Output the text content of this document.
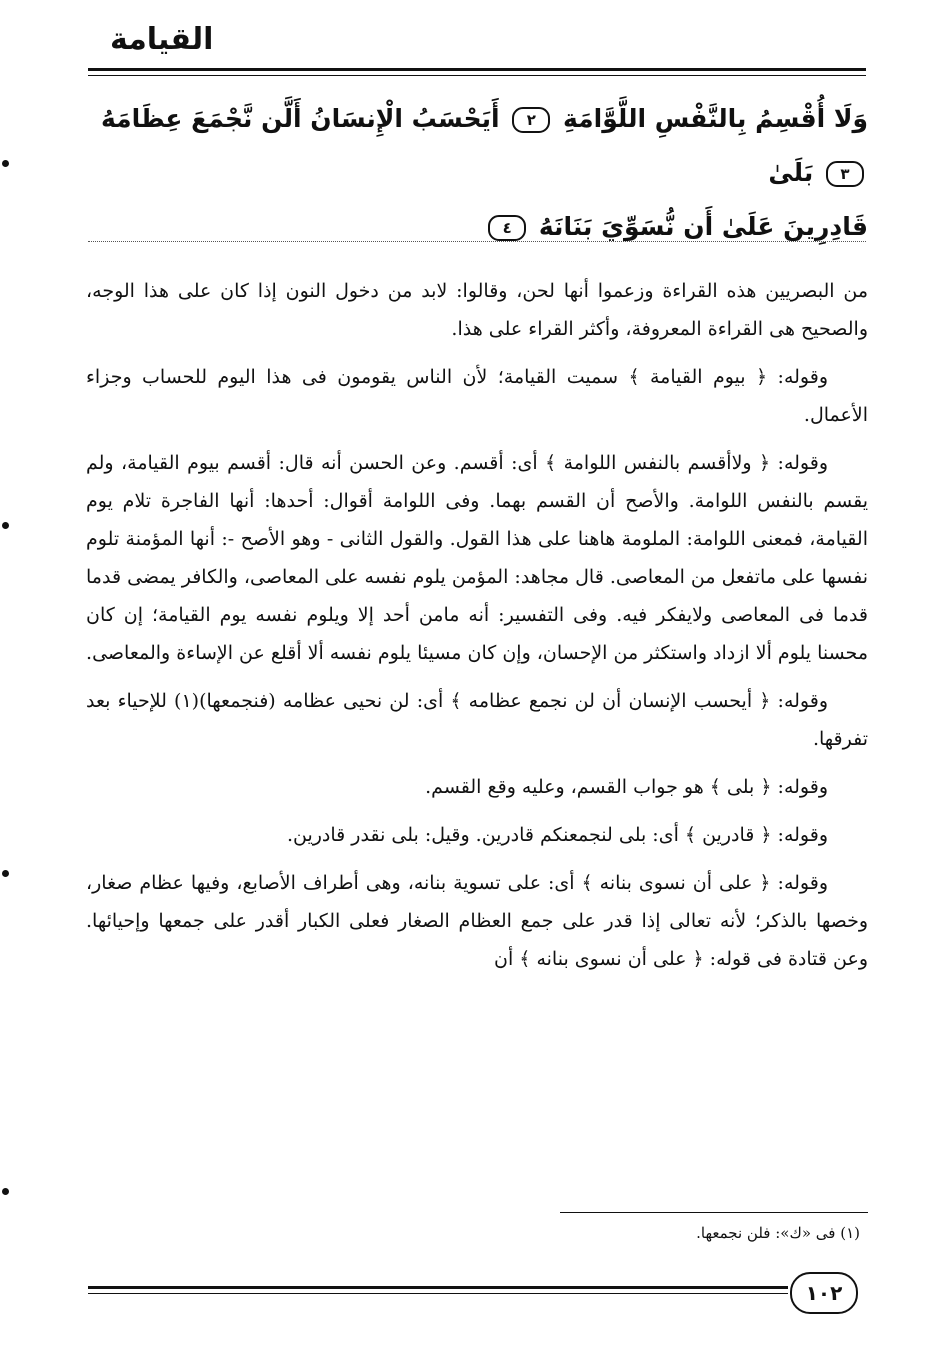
القيامة
وَلَا أُقْسِمُ بِالنَّفْسِ اللَّوَّامَةِ ٢ أَيَحْسَبُ الْإِنسَانُ أَلَّن نَّجْمَعَ عِظَامَهُ ٣ بَلَىٰ
قَادِرِينَ عَلَىٰ أَن نُّسَوِّيَ بَنَانَهُ ٤

من البصريين هذه القراءة وزعموا أنها لحن، وقالوا: لابد من دخول النون إذا كان على هذا الوجه، والصحيح هى القراءة المعروفة، وأكثر القراء على هذا.

وقوله: ﴿ بيوم القيامة ﴾ سميت القيامة؛ لأن الناس يقومون فى هذا اليوم للحساب وجزاء الأعمال.

وقوله: ﴿ ولاأقسم بالنفس اللوامة ﴾ أى: أقسم. وعن الحسن أنه قال: أقسم بيوم القيامة، ولم يقسم بالنفس اللوامة. والأصح أن القسم بهما. وفى اللوامة أقوال: أحدها: أنها الفاجرة تلام يوم القيامة، فمعنى اللوامة: الملومة هاهنا على هذا القول. والقول الثانى - وهو الأصح -: أنها المؤمنة تلوم نفسها على ماتفعل من المعاصى. قال مجاهد: المؤمن يلوم نفسه على المعاصى، والكافر يمضى قدما قدما فى المعاصى ولايفكر فيه. وفى التفسير: أنه مامن أحد إلا ويلوم نفسه يوم القيامة؛ إن كان محسنا يلوم ألا ازداد واستكثر من الإحسان، وإن كان مسيئا يلوم نفسه ألا أقلع عن الإساءة والمعاصى.

وقوله: ﴿ أيحسب الإنسان أن لن نجمع عظامه ﴾ أى: لن نحيى عظامه (فنجمعها)(١) للإحياء بعد تفرقها.

وقوله: ﴿ بلى ﴾ هو جواب القسم، وعليه وقع القسم.

وقوله: ﴿ قادرين ﴾ أى: بلى لنجمعنكم قادرين. وقيل: بلى نقدر قادرين.

وقوله: ﴿ على أن نسوى بنانه ﴾ أى: على تسوية بنانه، وهى أطراف الأصابع، وفيها عظام صغار، وخصها بالذكر؛ لأنه تعالى إذا قدر على جمع العظام الصغار فعلى الكبار أقدر على جمعها وإحيائها. وعن قتادة فى قوله: ﴿ على أن نسوى بنانه ﴾ أن

(١) فى «ك»: فلن نجمعها.
١٠٢
